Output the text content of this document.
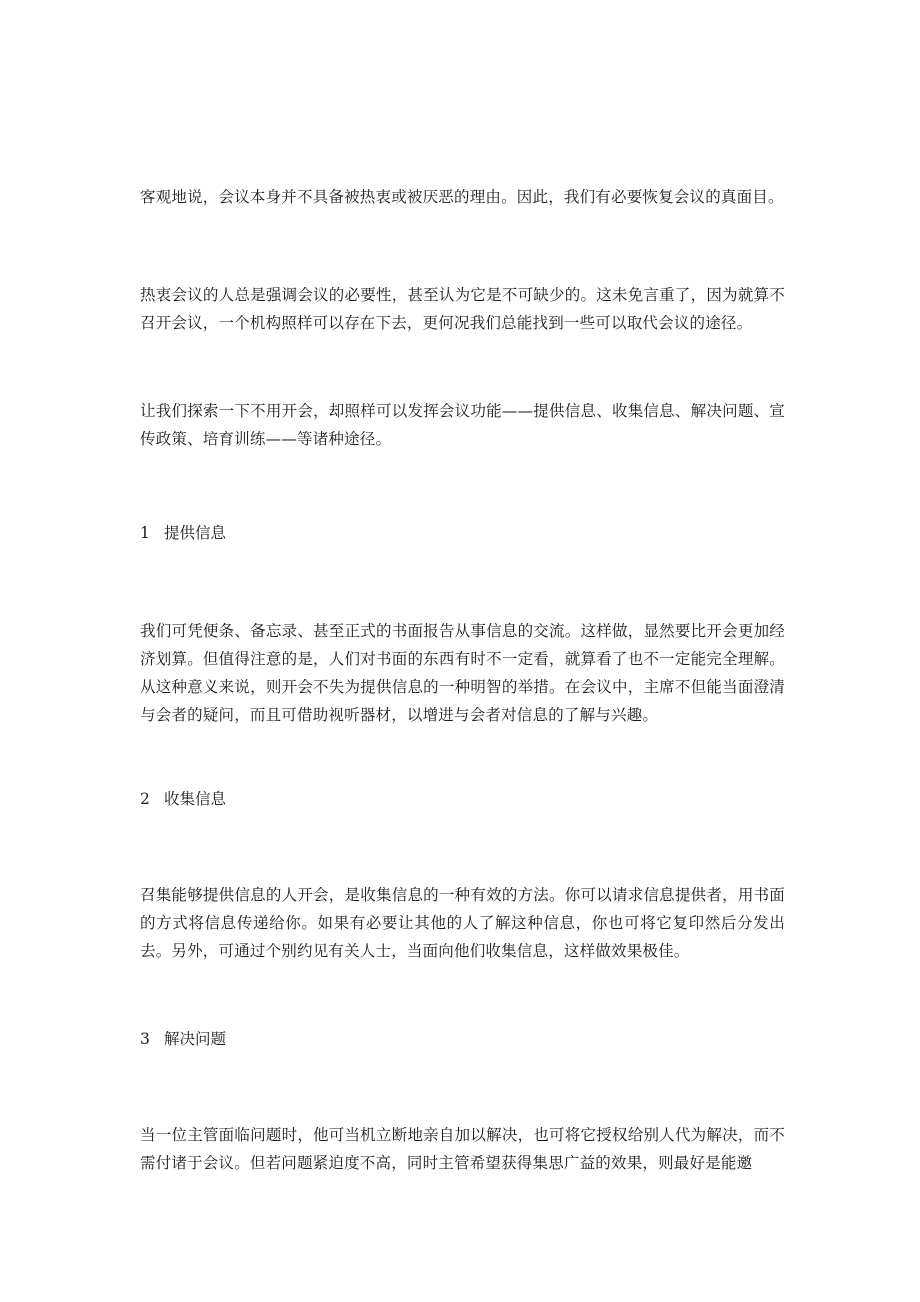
客观地说，会议本身并不具备被热衷或被厌恶的理由。因此，我们有必要恢复会议的真面目。
热衷会议的人总是强调会议的必要性，甚至认为它是不可缺少的。这未免言重了，因为就算不召开会议，一个机构照样可以存在下去，更何况我们总能找到一些可以取代会议的途径。
让我们探索一下不用开会，却照样可以发挥会议功能——提供信息、收集信息、解决问题、宣传政策、培育训练——等诸种途径。
1 提供信息
我们可凭便条、备忘录、甚至正式的书面报告从事信息的交流。这样做，显然要比开会更加经济划算。但值得注意的是，人们对书面的东西有时不一定看，就算看了也不一定能完全理解。从这种意义来说，则开会不失为提供信息的一种明智的举措。在会议中，主席不但能当面澄清与会者的疑问，而且可借助视听器材，以增进与会者对信息的了解与兴趣。
2 收集信息
召集能够提供信息的人开会，是收集信息的一种有效的方法。你可以请求信息提供者，用书面的方式将信息传递给你。如果有必要让其他的人了解这种信息，你也可将它复印然后分发出去。另外，可通过个别约见有关人士，当面向他们收集信息，这样做效果极佳。
3 解决问题
当一位主管面临问题时，他可当机立断地亲自加以解决，也可将它授权给别人代为解决，而不需付诸于会议。但若问题紧迫度不高，同时主管希望获得集思广益的效果，则最好是能邀
